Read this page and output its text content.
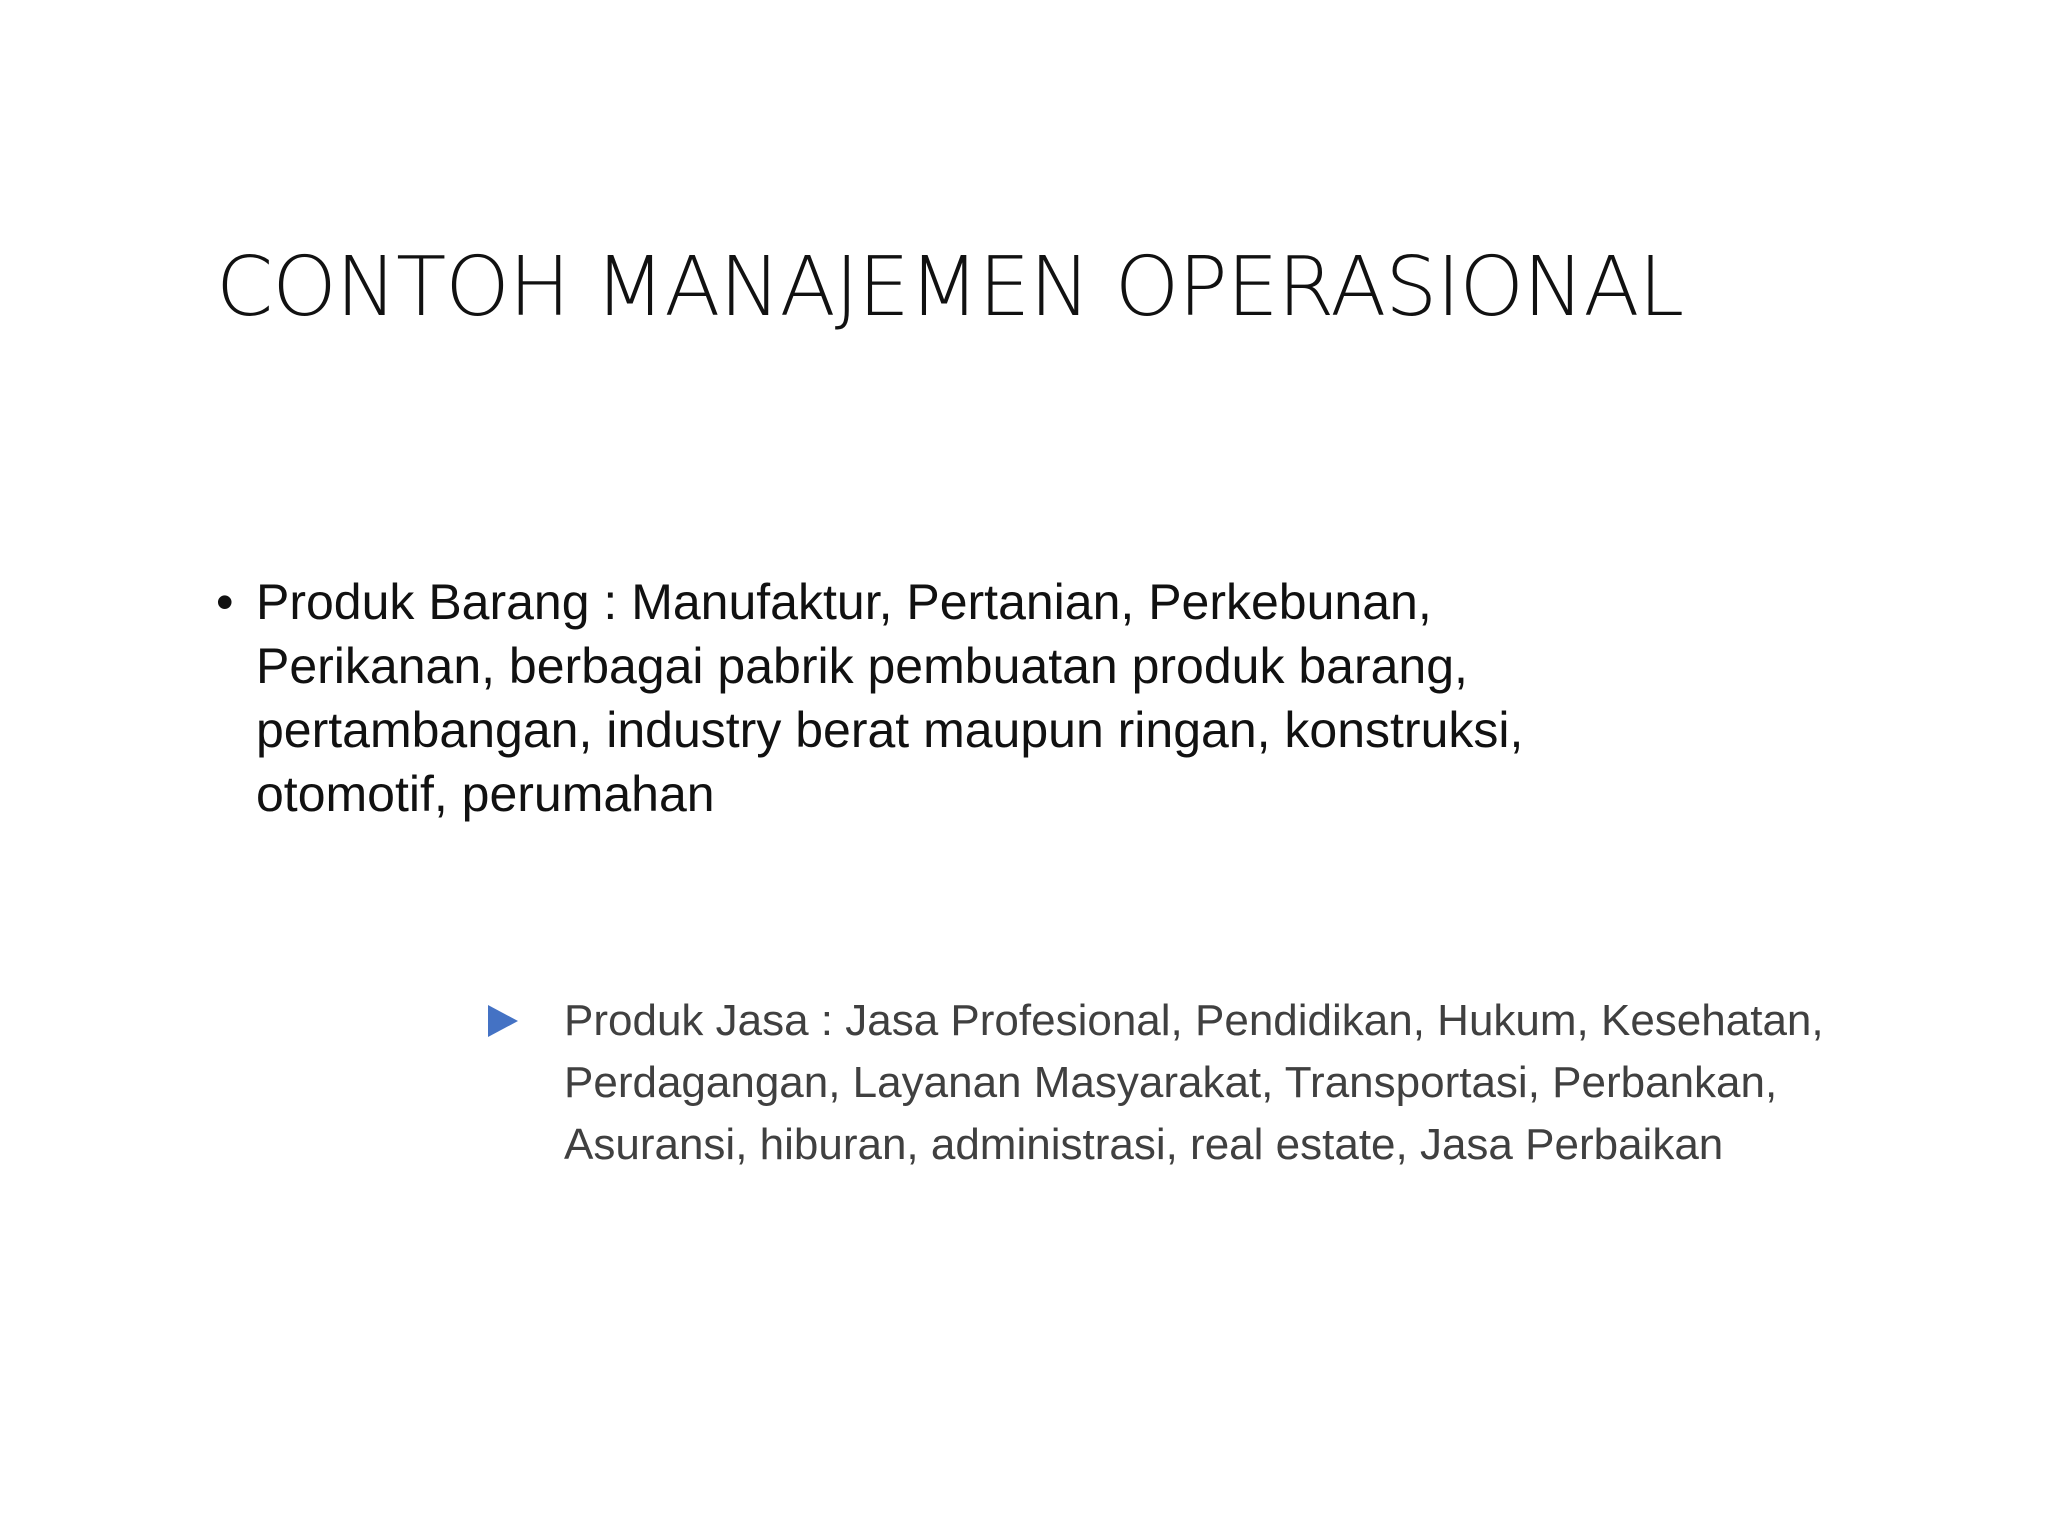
CONTOH MANAJEMEN OPERASIONAL
• Produk Barang : Manufaktur, Pertanian, Perkebunan, Perikanan, berbagai pabrik pembuatan produk barang, pertambangan, industry berat maupun ringan, konstruksi, otomotif, perumahan

Produk Jasa : Jasa Profesional, Pendidikan, Hukum, Kesehatan, Perdagangan, Layanan Masyarakat, Transportasi, Perbankan, Asuransi, hiburan, administrasi, real estate, Jasa Perbaikan
